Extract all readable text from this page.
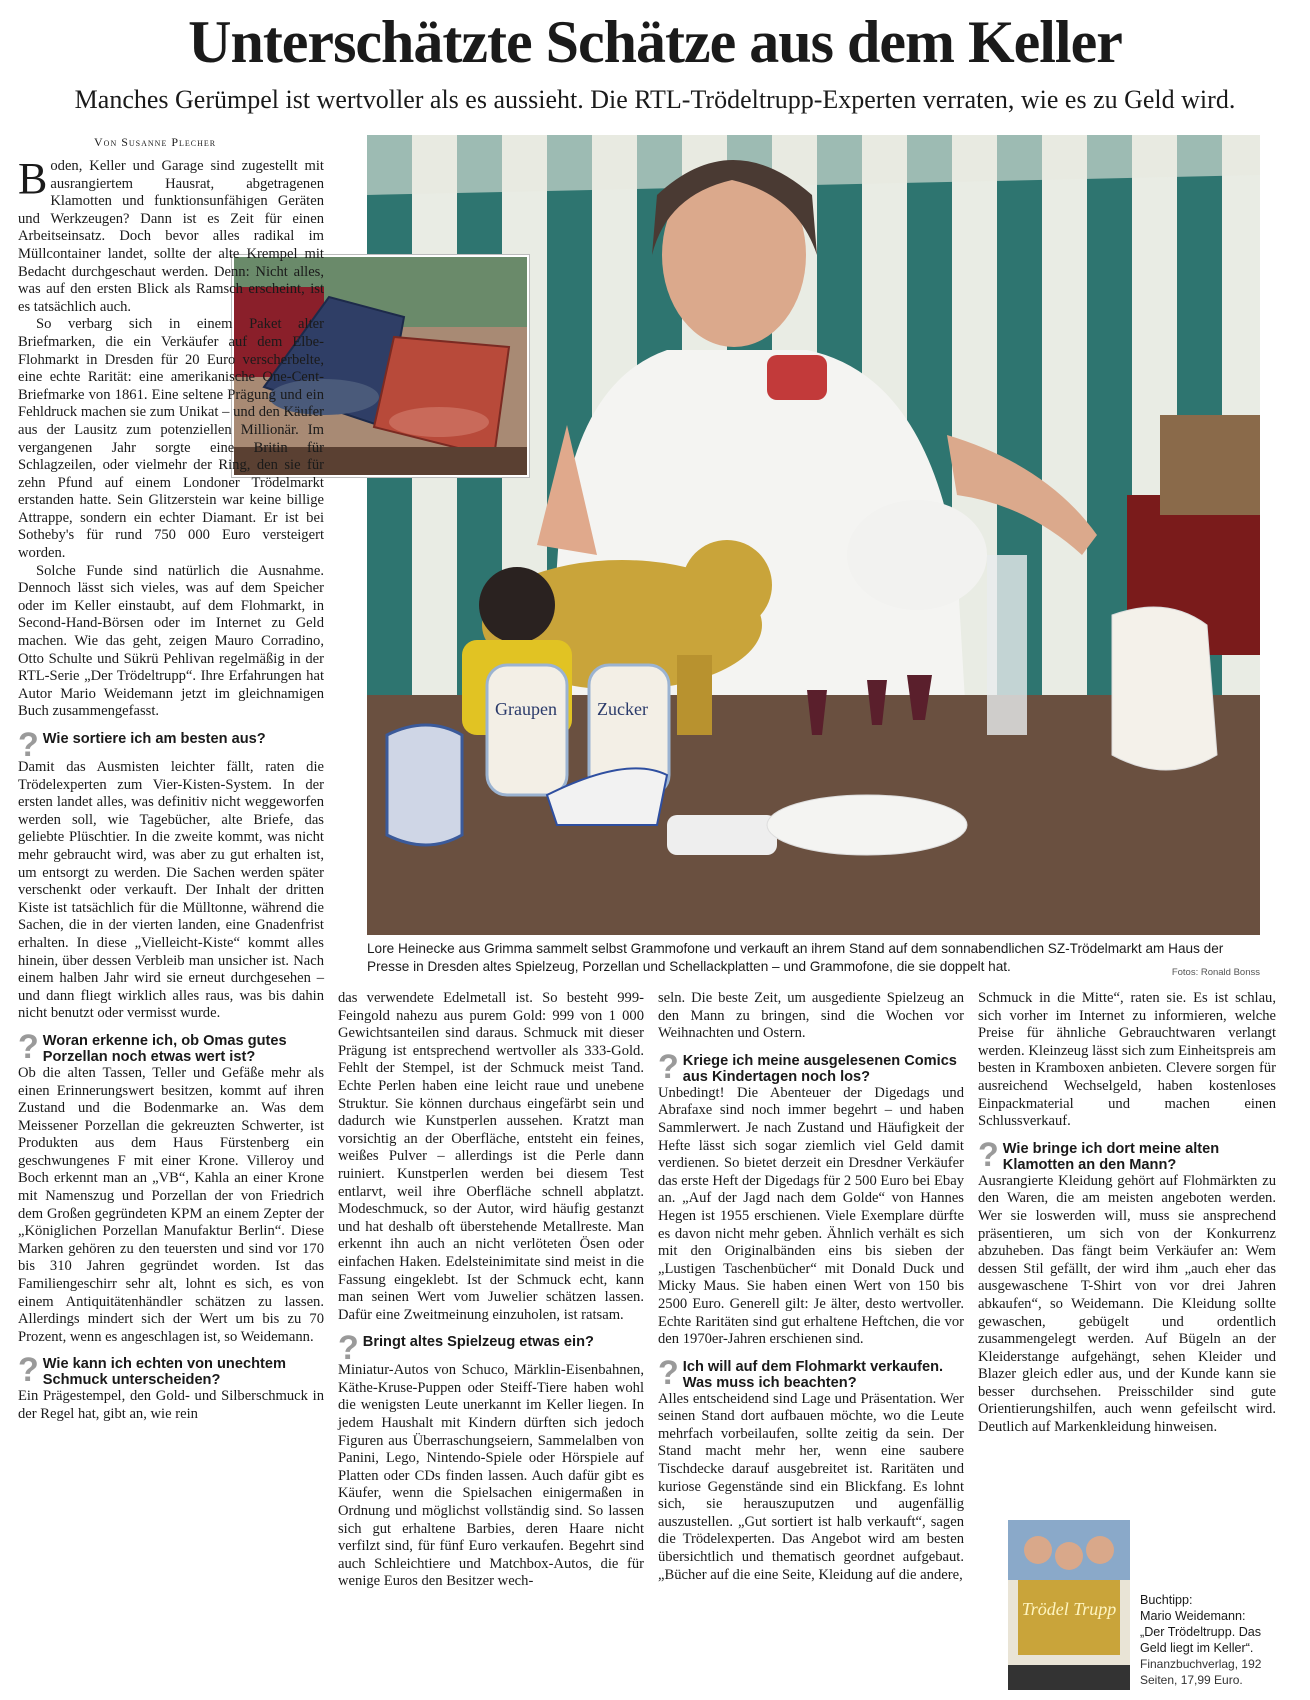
Unterschätzte Schätze aus dem Keller
Manches Gerümpel ist wertvoller als es aussieht. Die RTL-Trödeltrupp-Experten verraten, wie es zu Geld wird.
Von Susanne Plecher
Graupen Zucker
Lore Heinecke aus Grimma sammelt selbst Grammofone und verkauft an ihrem Stand auf dem sonnabendlichen SZ-Trödelmarkt am Haus der Presse in Dresden altes Spielzeug, Porzellan und Schellackplatten – und Grammofone, die sie doppelt hat.	Fotos: Ronald Bonss

Boden, Keller und Garage sind zugestellt mit ausrangiertem Hausrat, abgetragenen Klamotten und funktionsunfähigen Geräten und Werkzeugen? Dann ist es Zeit für einen Arbeitseinsatz. Doch bevor alles radikal im Müllcontainer landet, sollte der alte Krempel mit Bedacht durchgeschaut werden. Denn: Nicht alles, was auf den ersten Blick als Ramsch erscheint, ist es tatsächlich auch.

So verbarg sich in einem Paket alter Briefmarken, die ein Verkäufer auf dem Elbe-Flohmarkt in Dresden für 20 Euro verscherbelte, eine echte Rarität: eine amerikanische One-Cent-Briefmarke von 1861. Eine seltene Prägung und ein Fehldruck machen sie zum Unikat – und den Käufer aus der Lausitz zum potenziellen Millionär. Im vergangenen Jahr sorgte eine Britin für Schlagzeilen, oder vielmehr der Ring, den sie für zehn Pfund auf einem Londoner Trödelmarkt erstanden hatte. Sein Glitzerstein war keine billige Attrappe, sondern ein echter Diamant. Er ist bei Sotheby's für rund 750 000 Euro versteigert worden.

Solche Funde sind natürlich die Ausnahme. Dennoch lässt sich vieles, was auf dem Speicher oder im Keller einstaubt, auf dem Flohmarkt, in Second-Hand-Börsen oder im Internet zu Geld machen. Wie das geht, zeigen Mauro Corradino, Otto Schulte und Sükrü Pehlivan regelmäßig in der RTL-Serie „Der Trödeltrupp“. Ihre Erfahrungen hat Autor Mario Weidemann jetzt im gleichnamigen Buch zusammengefasst.

? Wie sortiere ich am besten aus?

Damit das Ausmisten leichter fällt, raten die Trödelexperten zum Vier-Kisten-System. In der ersten landet alles, was definitiv nicht weggeworfen werden soll, wie Tagebücher, alte Briefe, das geliebte Plüschtier. In die zweite kommt, was nicht mehr gebraucht wird, was aber zu gut erhalten ist, um entsorgt zu werden. Die Sachen werden später verschenkt oder verkauft. Der Inhalt der dritten Kiste ist tatsächlich für die Mülltonne, während die Sachen, die in der vierten landen, eine Gnadenfrist erhalten. In diese „Vielleicht-Kiste“ kommt alles hinein, über dessen Verbleib man unsicher ist. Nach einem halben Jahr wird sie erneut durchgesehen – und dann fliegt wirklich alles raus, was bis dahin nicht benutzt oder vermisst wurde.

? Woran erkenne ich, ob Omas gutes Porzellan noch etwas wert ist?

Ob die alten Tassen, Teller und Gefäße mehr als einen Erinnerungswert besitzen, kommt auf ihren Zustand und die Bodenmarke an. Was dem Meissener Porzellan die gekreuzten Schwerter, ist Produkten aus dem Haus Fürstenberg ein geschwungenes F mit einer Krone. Villeroy und Boch erkennt man an „VB“, Kahla an einer Krone mit Namenszug und Porzellan der von Friedrich dem Großen gegründeten KPM an einem Zepter der „Königlichen Porzellan Manufaktur Berlin“. Diese Marken gehören zu den teuersten und sind vor 170 bis 310 Jahren gegründet worden. Ist das Familiengeschirr sehr alt, lohnt es sich, es von einem Antiquitätenhändler schätzen zu lassen. Allerdings mindert sich der Wert um bis zu 70 Prozent, wenn es angeschlagen ist, so Weidemann.

? Wie kann ich echten von unechtem Schmuck unterscheiden?

Ein Prägestempel, den Gold- und Silberschmuck in der Regel hat, gibt an, wie rein

das verwendete Edelmetall ist. So besteht 999-Feingold nahezu aus purem Gold: 999 von 1 000 Gewichtsanteilen sind daraus. Schmuck mit dieser Prägung ist entsprechend wertvoller als 333-Gold. Fehlt der Stempel, ist der Schmuck meist Tand. Echte Perlen haben eine leicht raue und unebene Struktur. Sie können durchaus eingefärbt sein und dadurch wie Kunstperlen aussehen. Kratzt man vorsichtig an der Oberfläche, entsteht ein feines, weißes Pulver – allerdings ist die Perle dann ruiniert. Kunstperlen werden bei diesem Test entlarvt, weil ihre Oberfläche schnell abplatzt. Modeschmuck, so der Autor, wird häufig gestanzt und hat deshalb oft überstehende Metallreste. Man erkennt ihn auch an nicht verlöteten Ösen oder einfachen Haken. Edelsteinimitate sind meist in die Fassung eingeklebt. Ist der Schmuck echt, kann man seinen Wert vom Juwelier schätzen lassen. Dafür eine Zweitmeinung einzuholen, ist ratsam.

? Bringt altes Spielzeug etwas ein?

Miniatur-Autos von Schuco, Märklin-Eisenbahnen, Käthe-Kruse-Puppen oder Steiff-Tiere haben wohl die wenigsten Leute unerkannt im Keller liegen. In jedem Haushalt mit Kindern dürften sich jedoch Figuren aus Überraschungseiern, Sammelalben von Panini, Lego, Nintendo-Spiele oder Hörspiele auf Platten oder CDs finden lassen. Auch dafür gibt es Käufer, wenn die Spielsachen einigermaßen in Ordnung und möglichst vollständig sind. So lassen sich gut erhaltene Barbies, deren Haare nicht verfilzt sind, für fünf Euro verkaufen. Begehrt sind auch Schleichtiere und Matchbox-Autos, die für wenige Euros den Besitzer wech-

seln. Die beste Zeit, um ausgediente Spielzeug an den Mann zu bringen, sind die Wochen vor Weihnachten und Ostern.

? Kriege ich meine ausgelesenen Comics aus Kindertagen noch los?

Unbedingt! Die Abenteuer der Digedags und Abrafaxe sind noch immer begehrt – und haben Sammlerwert. Je nach Zustand und Häufigkeit der Hefte lässt sich sogar ziemlich viel Geld damit verdienen. So bietet derzeit ein Dresdner Verkäufer das erste Heft der Digedags für 2 500 Euro bei Ebay an. „Auf der Jagd nach dem Golde“ von Hannes Hegen ist 1955 erschienen. Viele Exemplare dürfte es davon nicht mehr geben. Ähnlich verhält es sich mit den Originalbänden eins bis sieben der „Lustigen Taschenbücher“ mit Donald Duck und Micky Maus. Sie haben einen Wert von 150 bis 2500 Euro. Generell gilt: Je älter, desto wertvoller. Echte Raritäten sind gut erhaltene Heftchen, die vor den 1970er-Jahren erschienen sind.

? Ich will auf dem Flohmarkt verkaufen. Was muss ich beachten?

Alles entscheidend sind Lage und Präsentation. Wer seinen Stand dort aufbauen möchte, wo die Leute mehrfach vorbeilaufen, sollte zeitig da sein. Der Stand macht mehr her, wenn eine saubere Tischdecke darauf ausgebreitet ist. Raritäten und kuriose Gegenstände sind ein Blickfang. Es lohnt sich, sie herauszuputzen und augenfällig auszustellen. „Gut sortiert ist halb verkauft“, sagen die Trödelexperten. Das Angebot wird am besten übersichtlich und thematisch geordnet aufgebaut. „Bücher auf die eine Seite, Kleidung auf die andere,

Schmuck in die Mitte“, raten sie. Es ist schlau, sich vorher im Internet zu informieren, welche Preise für ähnliche Gebrauchtwaren verlangt werden. Kleinzeug lässt sich zum Einheitspreis am besten in Kramboxen anbieten. Clevere sorgen für ausreichend Wechselgeld, haben kostenloses Einpackmaterial und machen einen Schlussverkauf.

? Wie bringe ich dort meine alten Klamotten an den Mann?

Ausrangierte Kleidung gehört auf Flohmärkten zu den Waren, die am meisten angeboten werden. Wer sie loswerden will, muss sie ansprechend präsentieren, um sich von der Konkurrenz abzuheben. Das fängt beim Verkäufer an: Wem dessen Stil gefällt, der wird ihm „auch eher das ausgewaschene T-Shirt von vor drei Jahren abkaufen“, so Weidemann. Die Kleidung sollte gewaschen, gebügelt und ordentlich zusammengelegt werden. Auf Bügeln an der Kleiderstange aufgehängt, sehen Kleider und Blazer gleich edler aus, und der Kunde kann sie besser durchsehen. Preisschilder sind gute Orientierungshilfen, auch wenn gefeilscht wird. Deutlich auf Markenkleidung hinweisen.

Trödel Trupp Buchtipp:
Mario Weidemann:
„Der Trödeltrupp. Das Geld liegt im Keller“.
Finanzbuchverlag, 192 Seiten, 17,99 Euro.
